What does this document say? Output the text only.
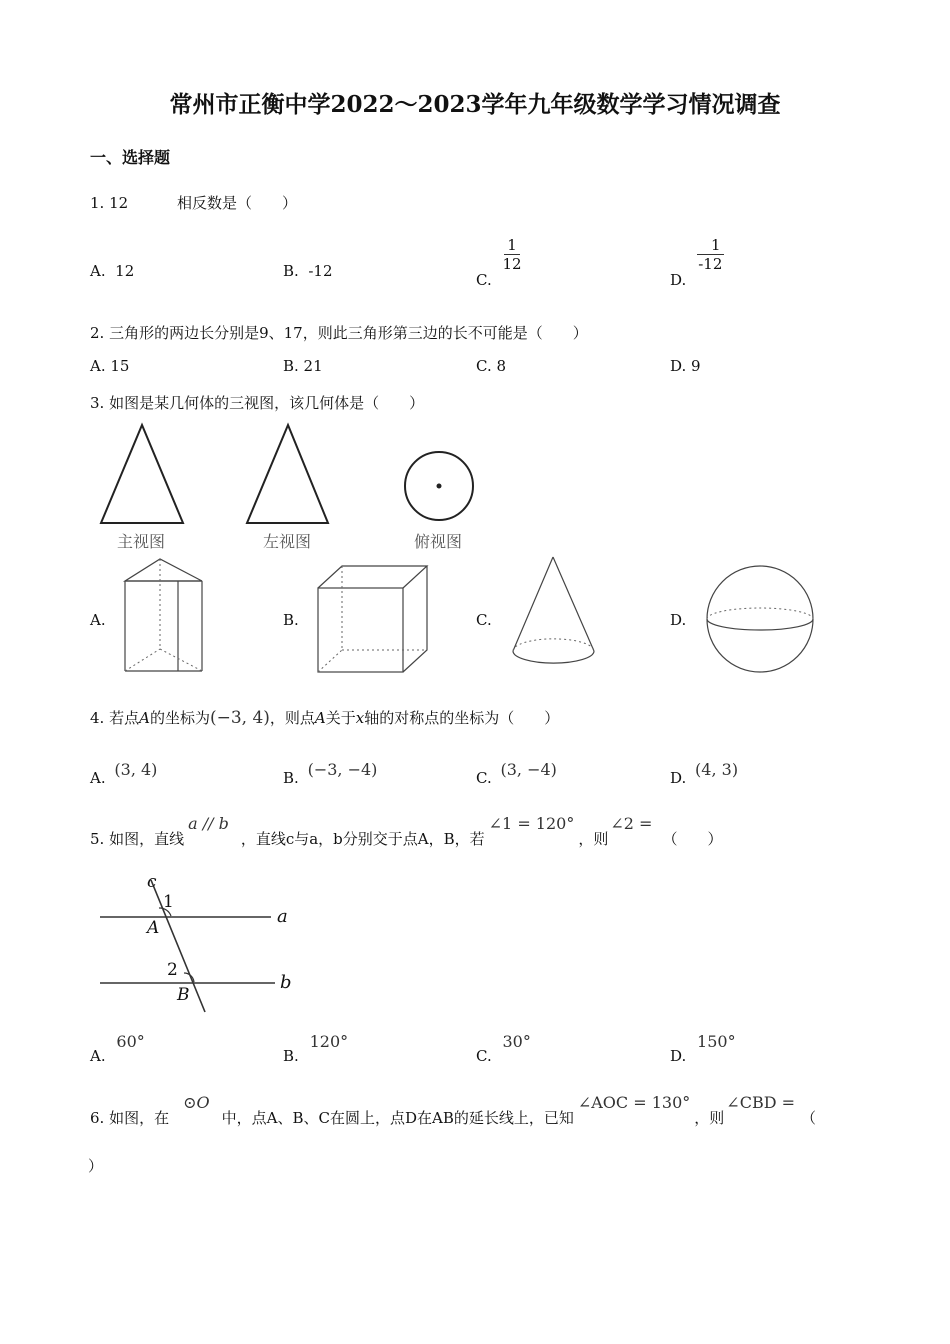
常州市正衡中学2022～2023学年九年级数学学习情况调查
一、选择题
1. 12	相反数是（　　）
A. 12	B. -12	C.
$\frac{1}{12}$
D.
$\frac{1}{-12}$
2. 三角形的两边长分别是9、17，则此三角形第三边的长不可能是（　　）
A. 15	B. 21	C. 8	D. 9
3. 如图是某几何体的三视图，该几何体是（　　）
主视图	左视图	俯视图
A.	B.	C.	D.
4. 若点A的坐标为(−3, 4)，则点A关于x轴的对称点的坐标为（　　）
A. (3, 4)	B. (−3, −4)	C. (3, −4)	D. (4, 3)
5. 如图，直线a // b，直线c与a，b分别交于点A，B，若∠1 = 120°，则∠2 =（　　）
c
1
A
a
2
B
b
A. 60°
B. 120°
C. 30°
D. 150°
6. 如图，在⊙O中，点A、B、C在圆上，点D在AB的延长线上，已知∠AOC = 130°，则∠CBD =（
）
